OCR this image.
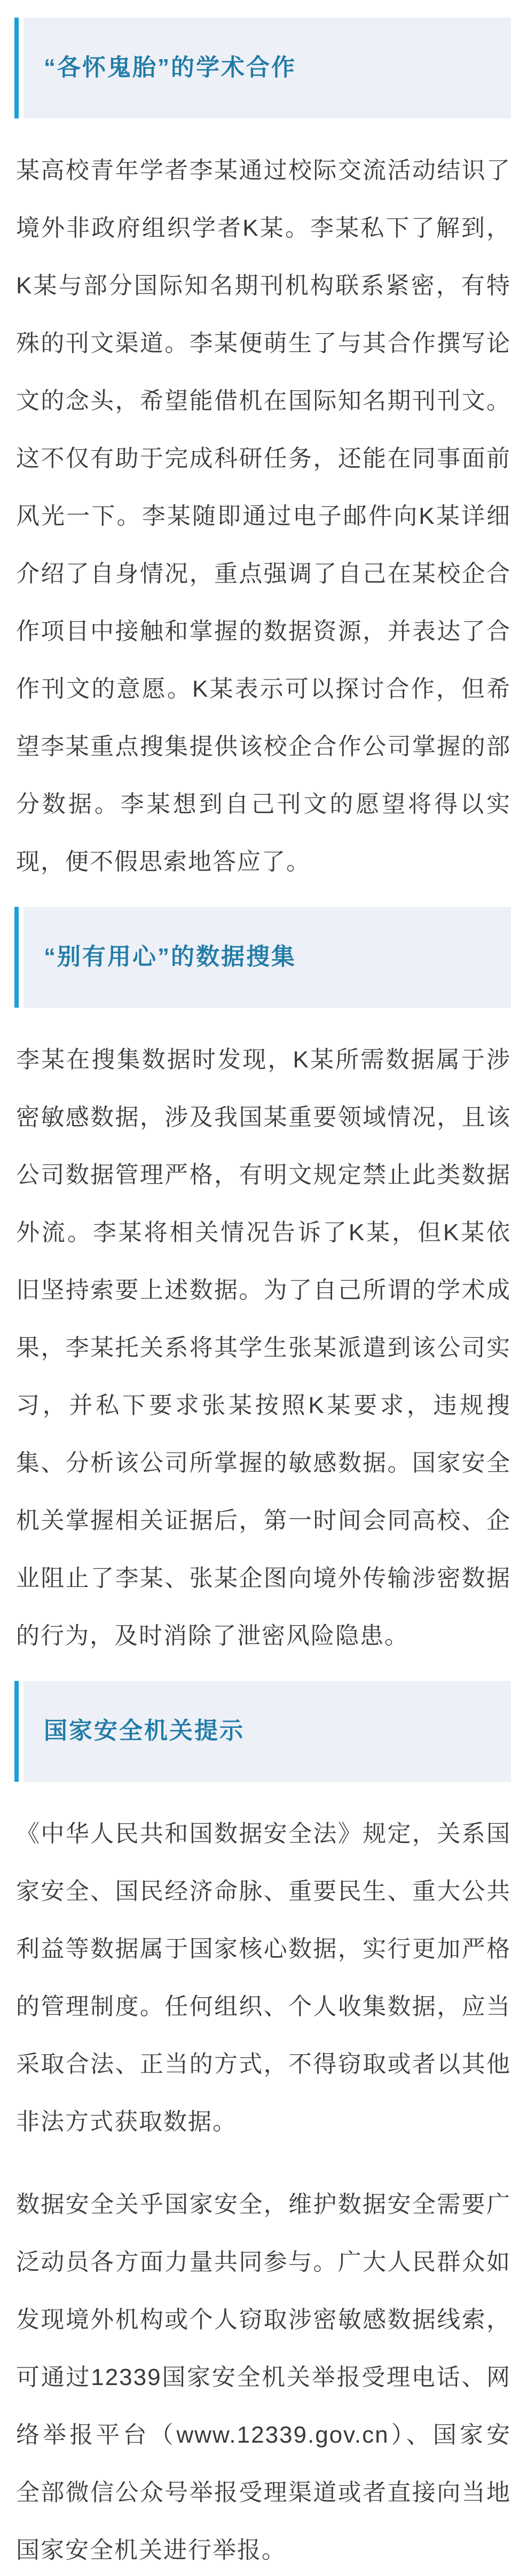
“各怀鬼胎”的学术合作

某高校青年学者李某通过校际交流活动结识了境外非政府组织学者K某。李某私下了解到，K某与部分国际知名期刊机构联系紧密，有特殊的刊文渠道。李某便萌生了与其合作撰写论文的念头，希望能借机在国际知名期刊刊文。这不仅有助于完成科研任务，还能在同事面前风光一下。李某随即通过电子邮件向K某详细介绍了自身情况，重点强调了自己在某校企合作项目中接触和掌握的数据资源，并表达了合作刊文的意愿。K某表示可以探讨合作，但希望李某重点搜集提供该校企合作公司掌握的部分数据。李某想到自己刊文的愿望将得以实现，便不假思索地答应了。

“别有用心”的数据搜集

李某在搜集数据时发现，K某所需数据属于涉密敏感数据，涉及我国某重要领域情况，且该公司数据管理严格，有明文规定禁止此类数据外流。李某将相关情况告诉了K某，但K某依旧坚持索要上述数据。为了自己所谓的学术成果，李某托关系将其学生张某派遣到该公司实习，并私下要求张某按照K某要求，违规搜集、分析该公司所掌握的敏感数据。国家安全机关掌握相关证据后，第一时间会同高校、企业阻止了李某、张某企图向境外传输涉密数据的行为，及时消除了泄密风险隐患。

国家安全机关提示

《中华人民共和国数据安全法》规定，关系国家安全、国民经济命脉、重要民生、重大公共利益等数据属于国家核心数据，实行更加严格的管理制度。任何组织、个人收集数据，应当采取合法、正当的方式，不得窃取或者以其他非法方式获取数据。

数据安全关乎国家安全，维护数据安全需要广泛动员各方面力量共同参与。广大人民群众如发现境外机构或个人窃取涉密敏感数据线索，可通过12339国家安全机关举报受理电话、网络举报平台（www.12339.gov.cn）、国家安全部微信公众号举报受理渠道或者直接向当地国家安全机关进行举报。
